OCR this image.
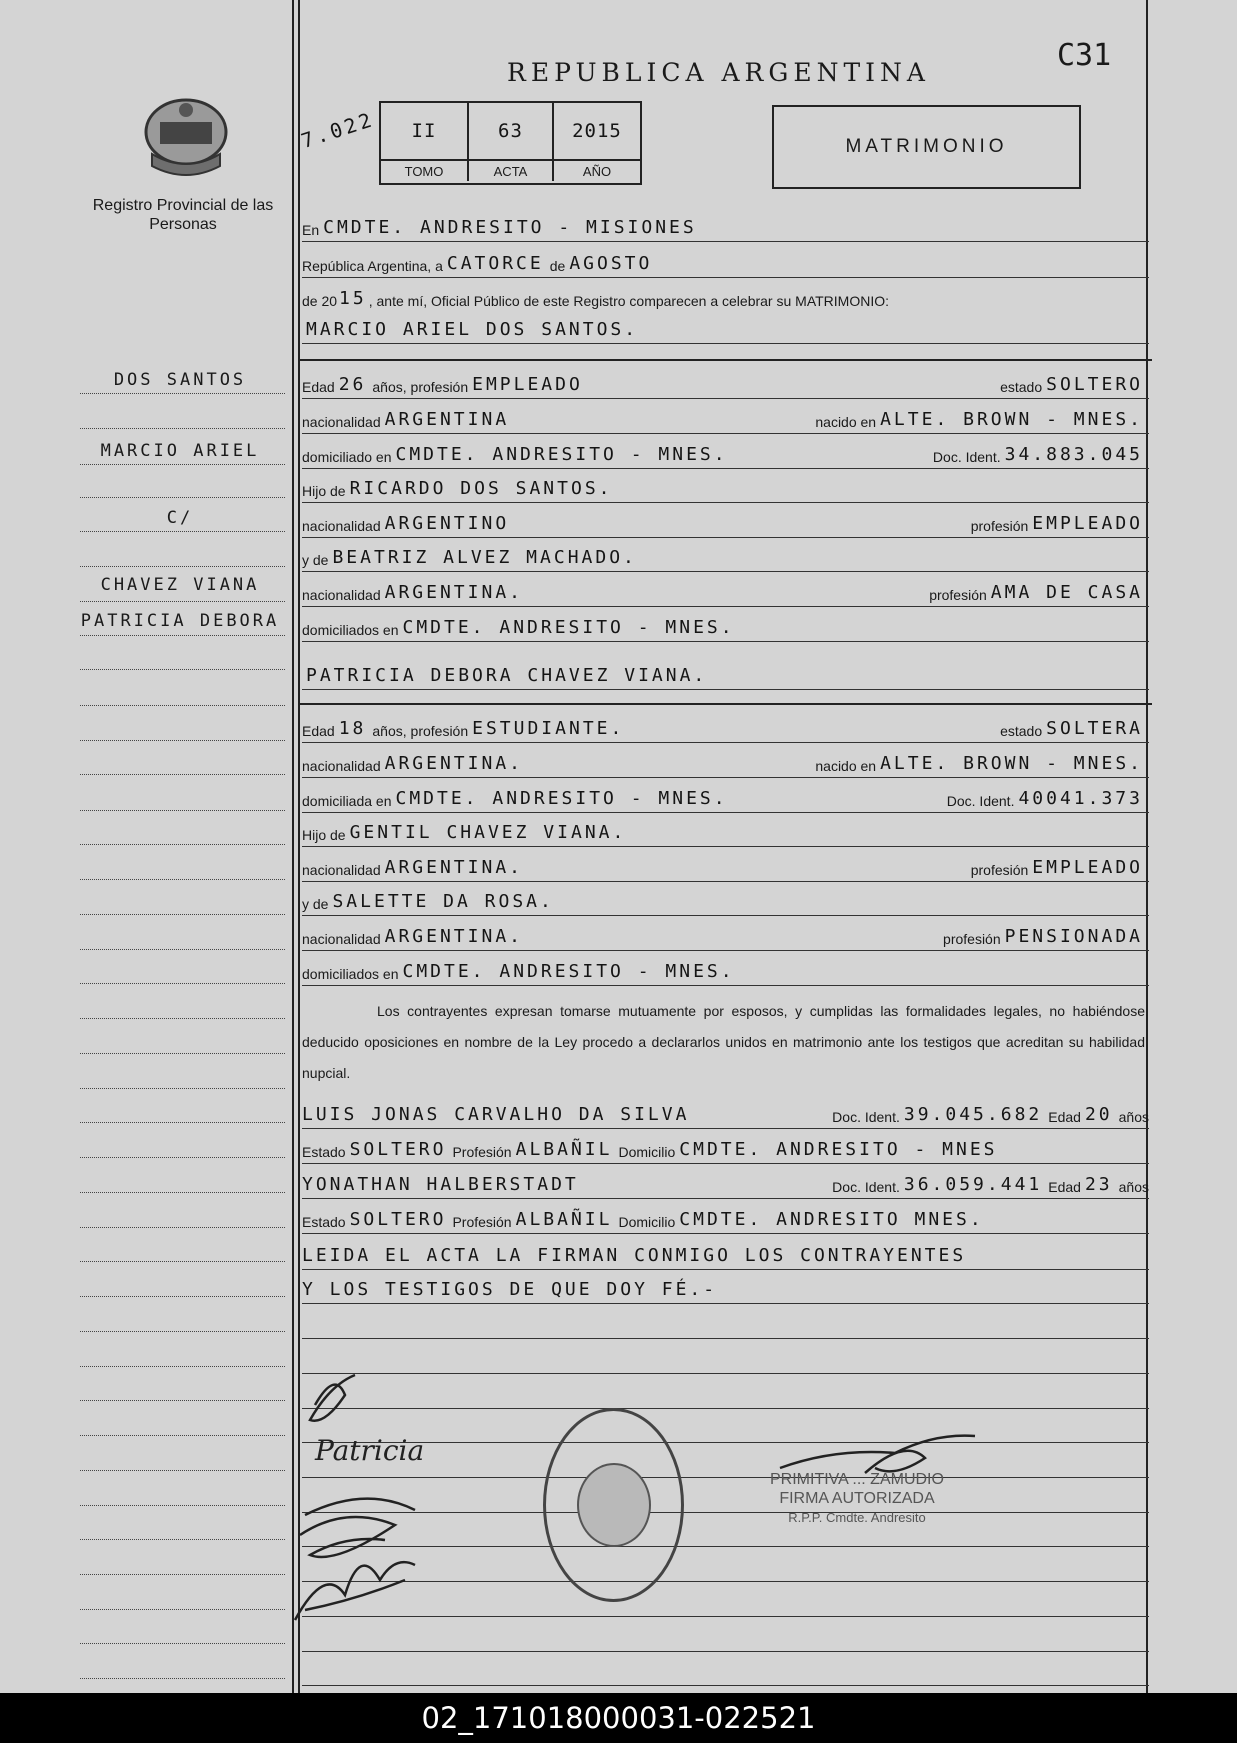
REPUBLICA ARGENTINA	C31
Registro Provincial de las Personas
7.022	II	63	2015
TOMO	ACTA	AÑO
MATRIMONIO
DOS SANTOS
MARCIO ARIEL
C/
CHAVEZ VIANA
PATRICIA DEBORA
En CMDTE. ANDRESITO - MISIONES
República Argentina, a CATORCE de AGOSTO
de 20 15 , ante mí, Oficial Público de este Registro comparecen a celebrar su MATRIMONIO:
MARCIO ARIEL DOS SANTOS.
Edad 26 años, profesión EMPLEADO	estado SOLTERO
nacionalidad ARGENTINA	nacido en ALTE. BROWN - MNES.
domiciliado en CMDTE. ANDRESITO - MNES.	Doc. Ident. 34.883.045
Hijo de RICARDO DOS SANTOS.
nacionalidad ARGENTINO	profesión EMPLEADO
y de BEATRIZ ALVEZ MACHADO.
nacionalidad ARGENTINA.	profesión AMA DE CASA
domiciliados en CMDTE. ANDRESITO - MNES.
PATRICIA DEBORA CHAVEZ VIANA.
Edad 18 años, profesión ESTUDIANTE.	estado SOLTERA
nacionalidad ARGENTINA.	nacido en ALTE. BROWN - MNES.
domiciliada en CMDTE. ANDRESITO - MNES.	Doc. Ident. 40041.373
Hijo de GENTIL CHAVEZ VIANA.
nacionalidad ARGENTINA.	profesión EMPLEADO
y de SALETTE DA ROSA.
nacionalidad ARGENTINA.	profesión PENSIONADA
domiciliados en CMDTE. ANDRESITO - MNES.
Los contrayentes expresan tomarse mutuamente por esposos, y cumplidas las formalidades legales, no habiéndose deducido oposiciones en nombre de la Ley procedo a declararlos unidos en matrimonio ante los testigos que acreditan su habilidad nupcial.
LUIS JONAS CARVALHO DA SILVA	Doc. Ident. 39.045.682 Edad 20 años
Estado SOLTERO Profesión ALBAÑIL Domicilio CMDTE. ANDRESITO - MNES
YONATHAN HALBERSTADT	Doc. Ident. 36.059.441 Edad 23 años
Estado SOLTERO Profesión ALBAÑIL Domicilio CMDTE. ANDRESITO MNES.
LEIDA EL ACTA LA FIRMAN CONMIGO LOS CONTRAYENTES
Y LOS TESTIGOS DE QUE DOY FÉ.-
Patricia
PRIMITIVA ... ZAMUDIO
FIRMA AUTORIZADA
R.P.P. Cmdte. Andresito
02_171018000031-022521
